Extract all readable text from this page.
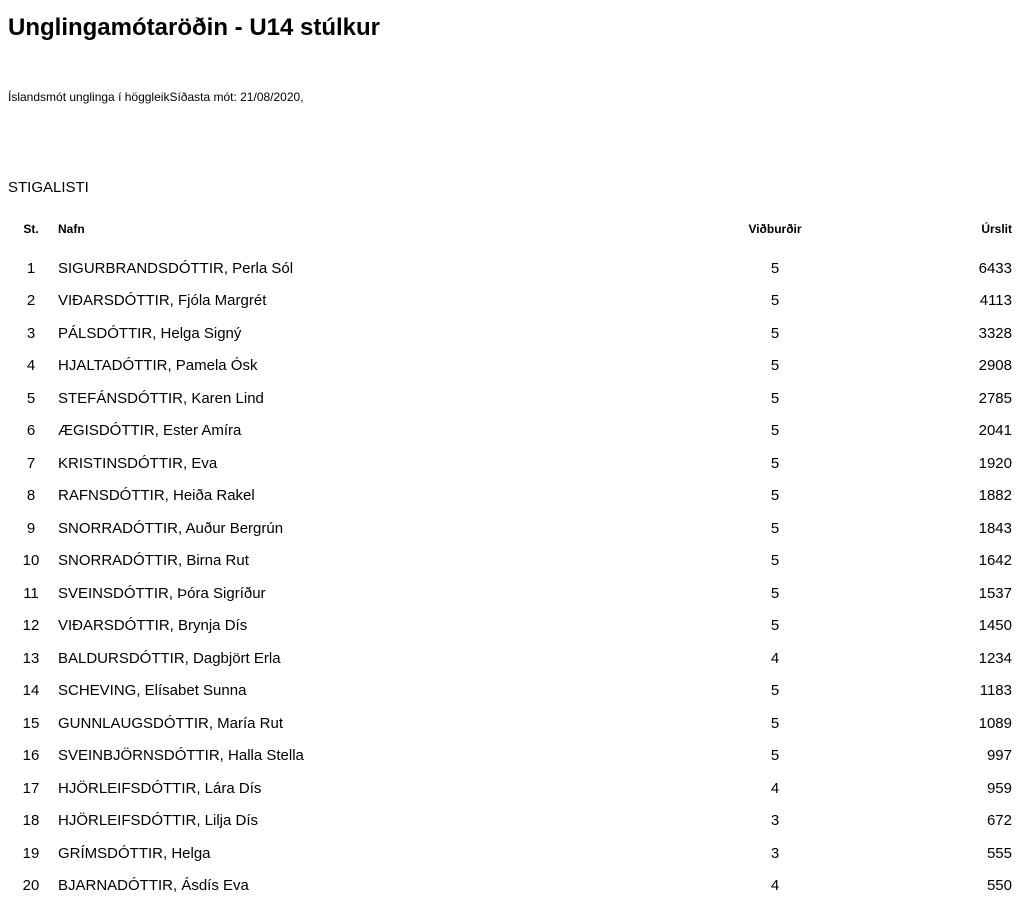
Unglingamótaröðin - U14 stúlkur
Íslandsmót unglinga í höggleikSíðasta mót: 21/08/2020,
STIGALISTI
St.	Nafn	Viðburðir	Úrslit
1	SIGURBRANDSDÓTTIR, Perla Sól	5	6433
2	VIÐARSDÓTTIR, Fjóla Margrét	5	4113
3	PÁLSDÓTTIR, Helga Signý	5	3328
4	HJALTADÓTTIR, Pamela Ósk	5	2908
5	STEFÁNSDÓTTIR, Karen Lind	5	2785
6	ÆGISDÓTTIR, Ester Amíra	5	2041
7	KRISTINSDÓTTIR, Eva	5	1920
8	RAFNSDÓTTIR, Heiða Rakel	5	1882
9	SNORRADÓTTIR, Auður Bergrún	5	1843
10	SNORRADÓTTIR, Birna Rut	5	1642
11	SVEINSDÓTTIR, Þóra Sigríður	5	1537
12	VIÐARSDÓTTIR, Brynja Dís	5	1450
13	BALDURSDÓTTIR, Dagbjört Erla	4	1234
14	SCHEVING, Elísabet Sunna	5	1183
15	GUNNLAUGSDÓTTIR, María Rut	5	1089
16	SVEINBJÖRNSDÓTTIR, Halla Stella	5	997
17	HJÖRLEIFSDÓTTIR, Lára Dís	4	959
18	HJÖRLEIFSDÓTTIR, Lilja Dís	3	672
19	GRÍMSDÓTTIR, Helga	3	555
20	BJARNADÓTTIR, Ásdís Eva	4	550
